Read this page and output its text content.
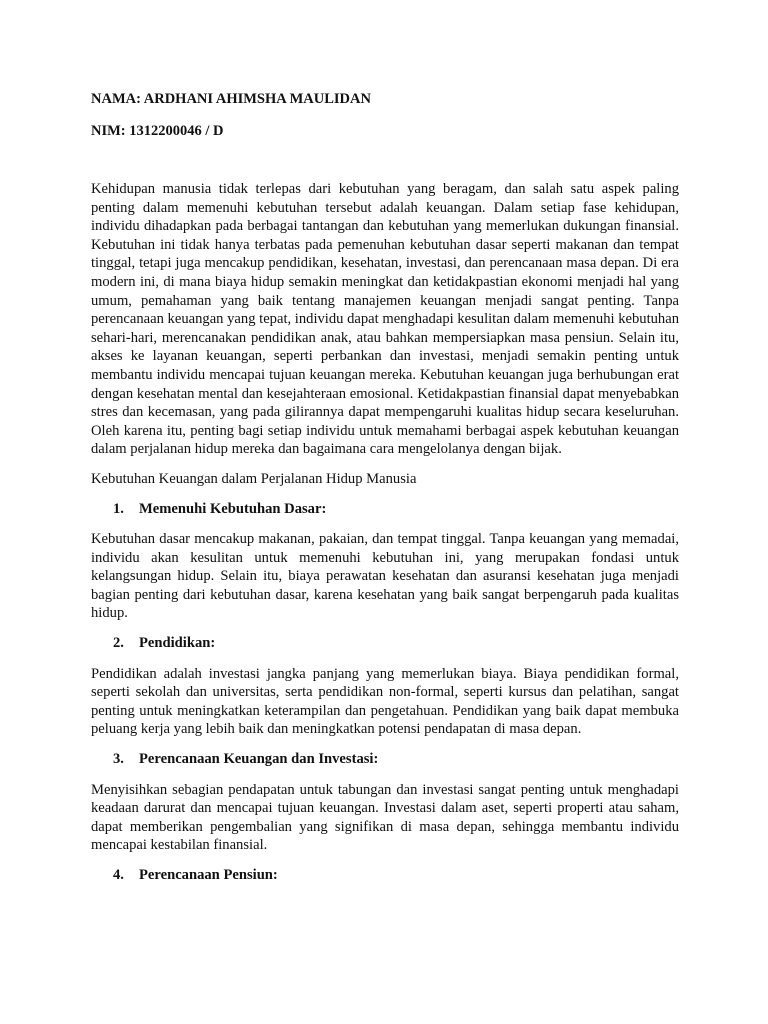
NAMA: ARDHANI AHIMSHA MAULIDAN

NIM: 1312200046 / D

Kehidupan manusia tidak terlepas dari kebutuhan yang beragam, dan salah satu aspek paling penting dalam memenuhi kebutuhan tersebut adalah keuangan. Dalam setiap fase kehidupan, individu dihadapkan pada berbagai tantangan dan kebutuhan yang memerlukan dukungan finansial. Kebutuhan ini tidak hanya terbatas pada pemenuhan kebutuhan dasar seperti makanan dan tempat tinggal, tetapi juga mencakup pendidikan, kesehatan, investasi, dan perencanaan masa depan. Di era modern ini, di mana biaya hidup semakin meningkat dan ketidakpastian ekonomi menjadi hal yang umum, pemahaman yang baik tentang manajemen keuangan menjadi sangat penting. Tanpa perencanaan keuangan yang tepat, individu dapat menghadapi kesulitan dalam memenuhi kebutuhan sehari-hari, merencanakan pendidikan anak, atau bahkan mempersiapkan masa pensiun. Selain itu, akses ke layanan keuangan, seperti perbankan dan investasi, menjadi semakin penting untuk membantu individu mencapai tujuan keuangan mereka. Kebutuhan keuangan juga berhubungan erat dengan kesehatan mental dan kesejahteraan emosional. Ketidakpastian finansial dapat menyebabkan stres dan kecemasan, yang pada gilirannya dapat mempengaruhi kualitas hidup secara keseluruhan. Oleh karena itu, penting bagi setiap individu untuk memahami berbagai aspek kebutuhan keuangan dalam perjalanan hidup mereka dan bagaimana cara mengelolanya dengan bijak.

Kebutuhan Keuangan dalam Perjalanan Hidup Manusia

1.	Memenuhi Kebutuhan Dasar:

Kebutuhan dasar mencakup makanan, pakaian, dan tempat tinggal. Tanpa keuangan yang memadai, individu akan kesulitan untuk memenuhi kebutuhan ini, yang merupakan fondasi untuk kelangsungan hidup. Selain itu, biaya perawatan kesehatan dan asuransi kesehatan juga menjadi bagian penting dari kebutuhan dasar, karena kesehatan yang baik sangat berpengaruh pada kualitas hidup.

2.	Pendidikan:

Pendidikan adalah investasi jangka panjang yang memerlukan biaya. Biaya pendidikan formal, seperti sekolah dan universitas, serta pendidikan non-formal, seperti kursus dan pelatihan, sangat penting untuk meningkatkan keterampilan dan pengetahuan. Pendidikan yang baik dapat membuka peluang kerja yang lebih baik dan meningkatkan potensi pendapatan di masa depan.

3.	Perencanaan Keuangan dan Investasi:

Menyisihkan sebagian pendapatan untuk tabungan dan investasi sangat penting untuk menghadapi keadaan darurat dan mencapai tujuan keuangan. Investasi dalam aset, seperti properti atau saham, dapat memberikan pengembalian yang signifikan di masa depan, sehingga membantu individu mencapai kestabilan finansial.

4.	Perencanaan Pensiun:
